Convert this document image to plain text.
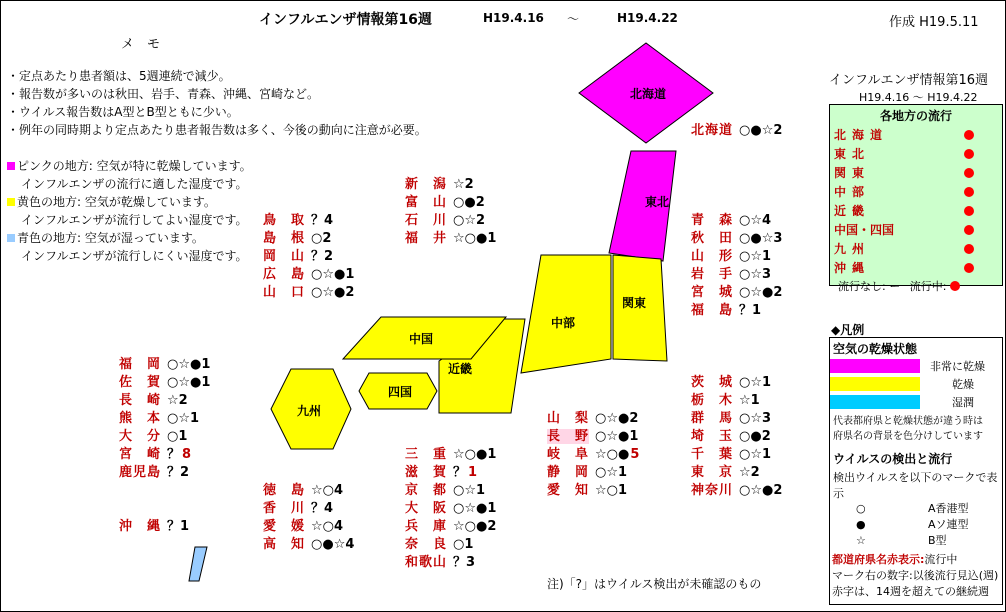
インフルエンザ情報第16週	H19.4.16 〜	H19.4.22	作成 H19.5.11
メ　モ
・定点あたり患者額は、5週連続で減少。
・報告数が多いのは秋田、岩手、青森、沖縄、宮崎など。
・ウイルス報告数はA型とB型ともに少い。
・例年の同時期より定点あたり患者報告数は多く、今後の動向に注意が必要。
ピンクの地方: 空気が特に乾燥しています。
インフルエンザの流行に適した湿度です。
黄色の地方: 空気が乾燥しています。
インフルエンザが流行してよい湿度です。
青色の地方: 空気が湿っています。
インフルエンザが流行しにくい湿度です。
北海道
東北
関東
中部
近畿
中国
四国
九州
北海道 ○●☆2
新　潟 ☆2
富　山 ○●2
石　川 ○☆2
福　井 ☆○●1
鳥　取 ？4
島　根 ○2
岡　山 ？2
広　島 ○☆●1
山　口 ○☆●2
青　森 ○☆4
秋　田 ○●☆3
山　形 ○☆1
岩　手 ○☆3
宮　城 ○☆●2
福　島 ？1
福　岡 ○☆●1
佐　賀 ○☆●1
長　崎 ☆2
熊　本 ○☆1
大　分 ○1
宮　崎 ？ 8
鹿児島 ？2
沖　縄 ？1
茨　城 ○☆1
栃　木 ☆1
群　馬 ○☆3
埼　玉 ○●2
千　葉 ○☆1
東　京 ☆2
神奈川 ○☆●2
山　梨 ○☆●2
長　野 ○☆●1
岐　阜 ☆○●5
静　岡 ○☆1
愛　知 ☆○1
三　重 ☆○●1
滋　賀 ？ 1
京　都 ○☆1
大　阪 ○☆●1
兵　庫 ☆○●2
奈　良 ○1
和歌山 ？3
徳　島 ☆○4
香　川 ？4
愛　媛 ☆○4
高　知 ○●☆4
注)「?」はウイルス検出が未確認のもの
インフルエンザ情報第16週
H19.4.16 〜 H19.4.22
各地方の流行
北海道
東北
関東
中部
近畿
中国・四国
九州
沖縄
流行なし: ー 流行中:
◆凡例
空気の乾燥状態
非常に乾燥
乾燥
湿潤
代表都府県と乾燥状態が違う時は
府県名の背景を色分けしています
ウイルスの検出と流行
検出ウイルスを以下のマークで表示
○	A香港型
●	Aソ連型
☆	B型
都道府県名赤表示:流行中
マーク右の数字:以後流行見込(週)
赤字は、14週を超えての継続週
